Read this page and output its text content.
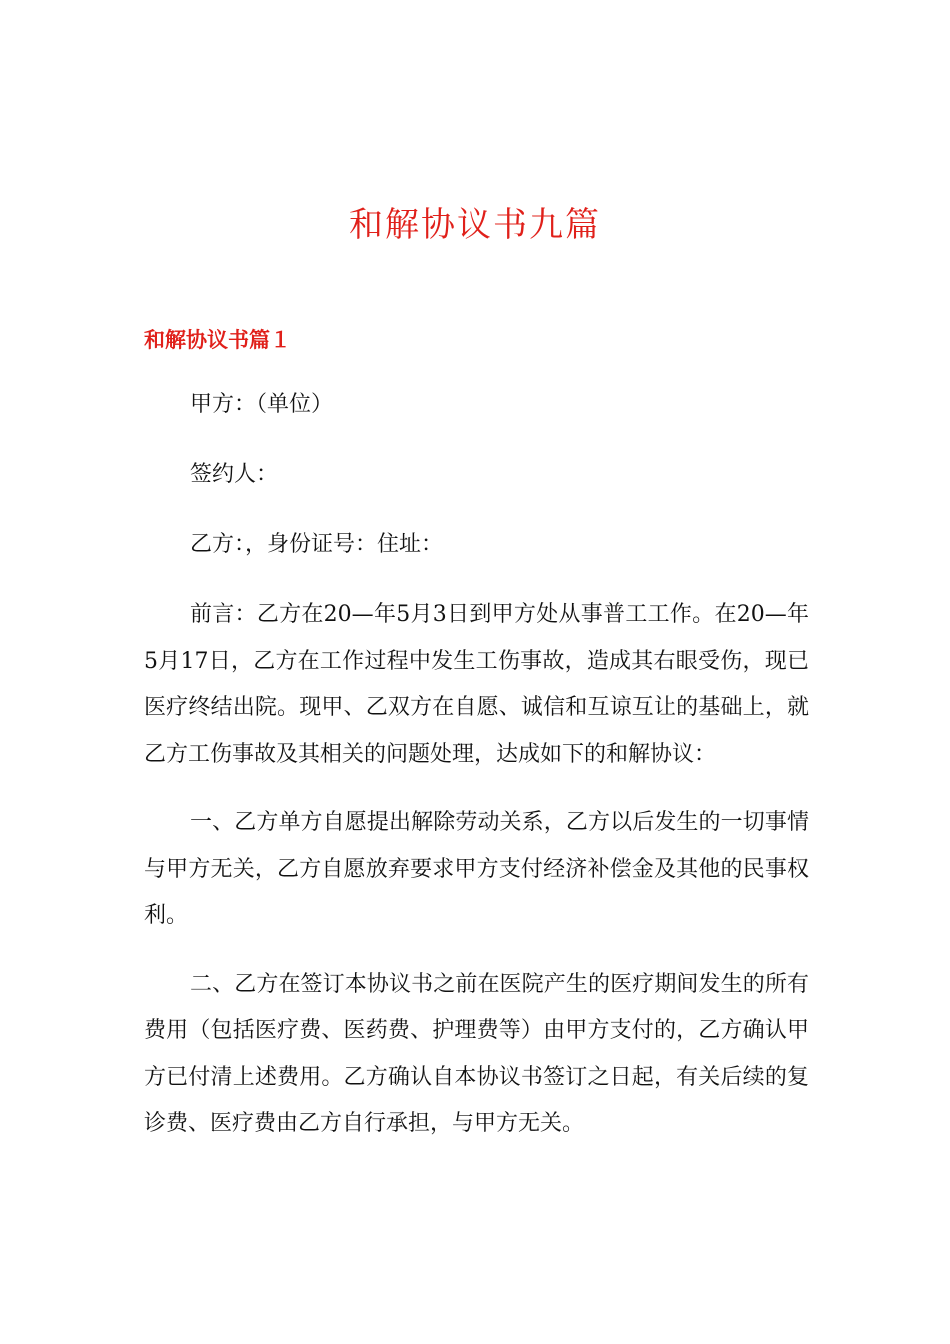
和解协议书九篇
和解协议书篇１

甲方：（单位）

签约人：

乙方：，身份证号：住址：

前言：乙方在20—年5月3日到甲方处从事普工工作。在20—年5月17日，乙方在工作过程中发生工伤事故，造成其右眼受伤，现已医疗终结出院。现甲、乙双方在自愿、诚信和互谅互让的基础上，就乙方工伤事故及其相关的问题处理，达成如下的和解协议：

一、乙方单方自愿提出解除劳动关系，乙方以后发生的一切事情与甲方无关，乙方自愿放弃要求甲方支付经济补偿金及其他的民事权利。

二、乙方在签订本协议书之前在医院产生的医疗期间发生的所有费用（包括医疗费、医药费、护理费等）由甲方支付的，乙方确认甲方已付清上述费用。乙方确认自本协议书签订之日起，有关后续的复诊费、医疗费由乙方自行承担，与甲方无关。
